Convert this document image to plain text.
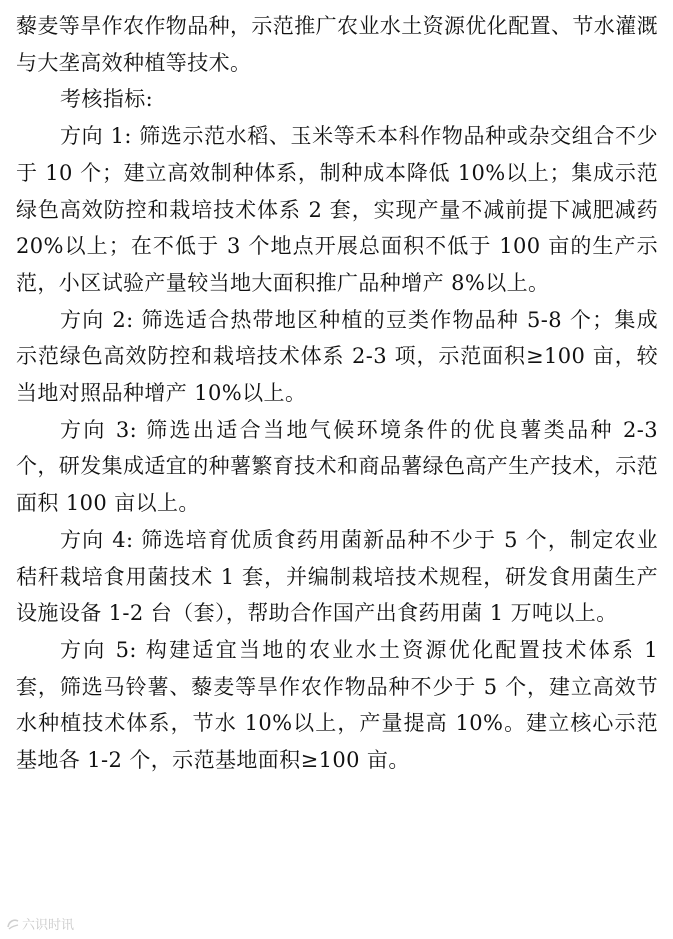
藜麦等旱作农作物品种，示范推广农业水土资源优化配置、节水灌溉与大垄高效种植等技术。

考核指标:

方向 1: 筛选示范水稻、玉米等禾本科作物品种或杂交组合不少于 10 个；建立高效制种体系，制种成本降低 10%以上；集成示范绿色高效防控和栽培技术体系 2 套，实现产量不减前提下减肥减药 20%以上；在不低于 3 个地点开展总面积不低于 100 亩的生产示范，小区试验产量较当地大面积推广品种增产 8%以上。

方向 2: 筛选适合热带地区种植的豆类作物品种 5-8 个；集成示范绿色高效防控和栽培技术体系 2-3 项，示范面积≥100 亩，较当地对照品种增产 10%以上。

方向 3: 筛选出适合当地气候环境条件的优良薯类品种 2-3 个，研发集成适宜的种薯繁育技术和商品薯绿色高产生产技术，示范面积 100 亩以上。

方向 4: 筛选培育优质食药用菌新品种不少于 5 个，制定农业秸秆栽培食用菌技术 1 套，并编制栽培技术规程，研发食用菌生产设施设备 1-2 台（套），帮助合作国产出食药用菌 1 万吨以上。

方向 5: 构建适宜当地的农业水土资源优化配置技术体系 1 套，筛选马铃薯、藜麦等旱作农作物品种不少于 5 个，建立高效节水种植技术体系，节水 10%以上，产量提高 10%。建立核心示范基地各 1-2 个，示范基地面积≥100 亩。

六识时讯
